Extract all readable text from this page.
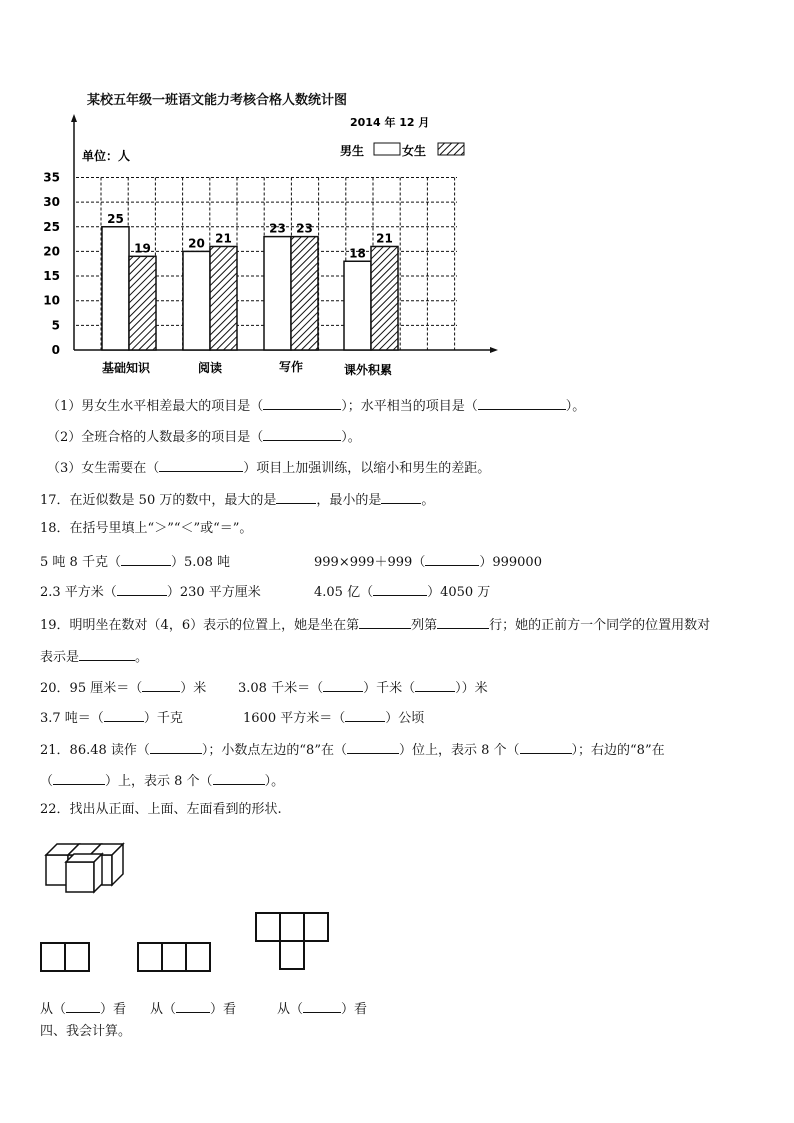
某校五年级一班语文能力考核合格人数统计图
2014 年 12 月
单位：人	男生	女生
0
5
10
15
20
25
30
35
25
19	20 21
23 23
18
21
基础知识	阅读	写作	课外积累
（1）男女生水平相差最大的项目是（	）；水平相当的项目是（	）。
（2）全班合格的人数最多的项目是（	）。
（3）女生需要在（	）项目上加强训练，以缩小和男生的差距。
17．在近似数是 50 万的数中，最大的是	，最小的是	。
18．在括号里填上“＞”“＜”或“＝”。
5 吨 8 千克（	）5.08 吨	999×999＋999（	）999000
2.3 平方米（	）230 平方厘米	4.05 亿（	）4050 万
19．明明坐在数对（4，6）表示的位置上，她是坐在第	列第	行；她的正前方一个同学的位置用数对
表示是	。
20．95 厘米＝（	）米 3.08 千米＝（	）千米（	））米
3.7 吨＝（	）千克	1600 平方米＝（	）公顷
21．86.48 读作（	）；小数点左边的“8”在（	）位上，表示 8 个（	）；右边的“8”在
（	）上，表示 8 个（	）。
22．找出从正面、上面、左面看到的形状.
从（	）看 从（	）看	从（	）看
四、我会计算。
